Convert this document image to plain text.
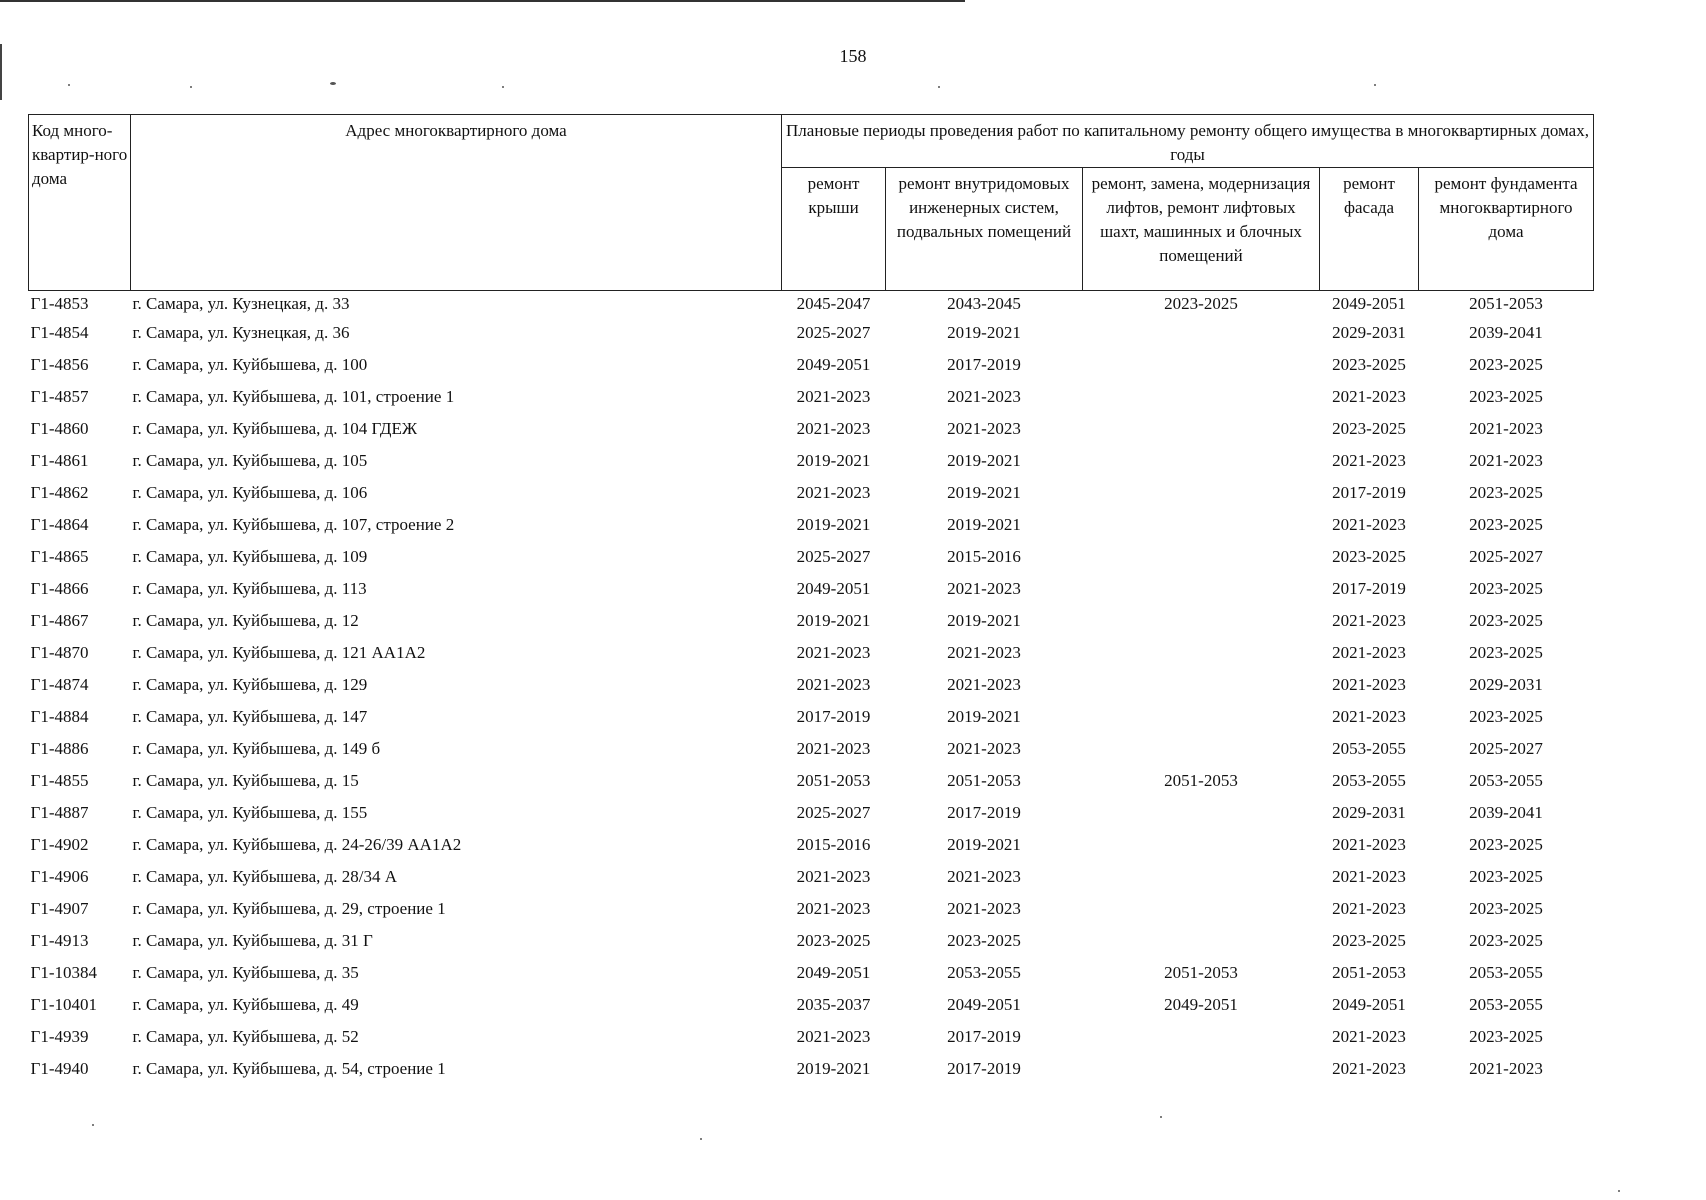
158
Код много-квартир-ного дома	Адрес многоквартирного дома	Плановые периоды проведения работ по капитальному ремонту общего имущества в многоквартирных домах, годы				
		ремонт крыши	ремонт внутридомовых инженерных систем, подвальных помещений	ремонт, замена, модернизация лифтов, ремонт лифтовых шахт, машинных и блочных помещений	ремонт фасада	ремонт фундамента многоквартирного дома
Г1-4853	г. Самара, ул. Кузнецкая, д. 33	2045-2047	2043-2045	2023-2025	2049-2051	2051-2053
Г1-4854	г. Самара, ул. Кузнецкая, д. 36	2025-2027	2019-2021		2029-2031	2039-2041
Г1-4856	г. Самара, ул. Куйбышева, д. 100	2049-2051	2017-2019		2023-2025	2023-2025
Г1-4857	г. Самара, ул. Куйбышева, д. 101, строение 1	2021-2023	2021-2023		2021-2023	2023-2025
Г1-4860	г. Самара, ул. Куйбышева, д. 104 ГДЕЖ	2021-2023	2021-2023		2023-2025	2021-2023
Г1-4861	г. Самара, ул. Куйбышева, д. 105	2019-2021	2019-2021		2021-2023	2021-2023
Г1-4862	г. Самара, ул. Куйбышева, д. 106	2021-2023	2019-2021		2017-2019	2023-2025
Г1-4864	г. Самара, ул. Куйбышева, д. 107, строение 2	2019-2021	2019-2021		2021-2023	2023-2025
Г1-4865	г. Самара, ул. Куйбышева, д. 109	2025-2027	2015-2016		2023-2025	2025-2027
Г1-4866	г. Самара, ул. Куйбышева, д. 113	2049-2051	2021-2023		2017-2019	2023-2025
Г1-4867	г. Самара, ул. Куйбышева, д. 12	2019-2021	2019-2021		2021-2023	2023-2025
Г1-4870	г. Самара, ул. Куйбышева, д. 121 АА1А2	2021-2023	2021-2023		2021-2023	2023-2025
Г1-4874	г. Самара, ул. Куйбышева, д. 129	2021-2023	2021-2023		2021-2023	2029-2031
Г1-4884	г. Самара, ул. Куйбышева, д. 147	2017-2019	2019-2021		2021-2023	2023-2025
Г1-4886	г. Самара, ул. Куйбышева, д. 149 б	2021-2023	2021-2023		2053-2055	2025-2027
Г1-4855	г. Самара, ул. Куйбышева, д. 15	2051-2053	2051-2053	2051-2053	2053-2055	2053-2055
Г1-4887	г. Самара, ул. Куйбышева, д. 155	2025-2027	2017-2019		2029-2031	2039-2041
Г1-4902	г. Самара, ул. Куйбышева, д. 24-26/39 АА1А2	2015-2016	2019-2021		2021-2023	2023-2025
Г1-4906	г. Самара, ул. Куйбышева, д. 28/34 А	2021-2023	2021-2023		2021-2023	2023-2025
Г1-4907	г. Самара, ул. Куйбышева, д. 29, строение 1	2021-2023	2021-2023		2021-2023	2023-2025
Г1-4913	г. Самара, ул. Куйбышева, д. 31 Г	2023-2025	2023-2025		2023-2025	2023-2025
Г1-10384	г. Самара, ул. Куйбышева, д. 35	2049-2051	2053-2055	2051-2053	2051-2053	2053-2055
Г1-10401	г. Самара, ул. Куйбышева, д. 49	2035-2037	2049-2051	2049-2051	2049-2051	2053-2055
Г1-4939	г. Самара, ул. Куйбышева, д. 52	2021-2023	2017-2019		2021-2023	2023-2025
Г1-4940	г. Самара, ул. Куйбышева, д. 54, строение 1	2019-2021	2017-2019		2021-2023	2021-2023
